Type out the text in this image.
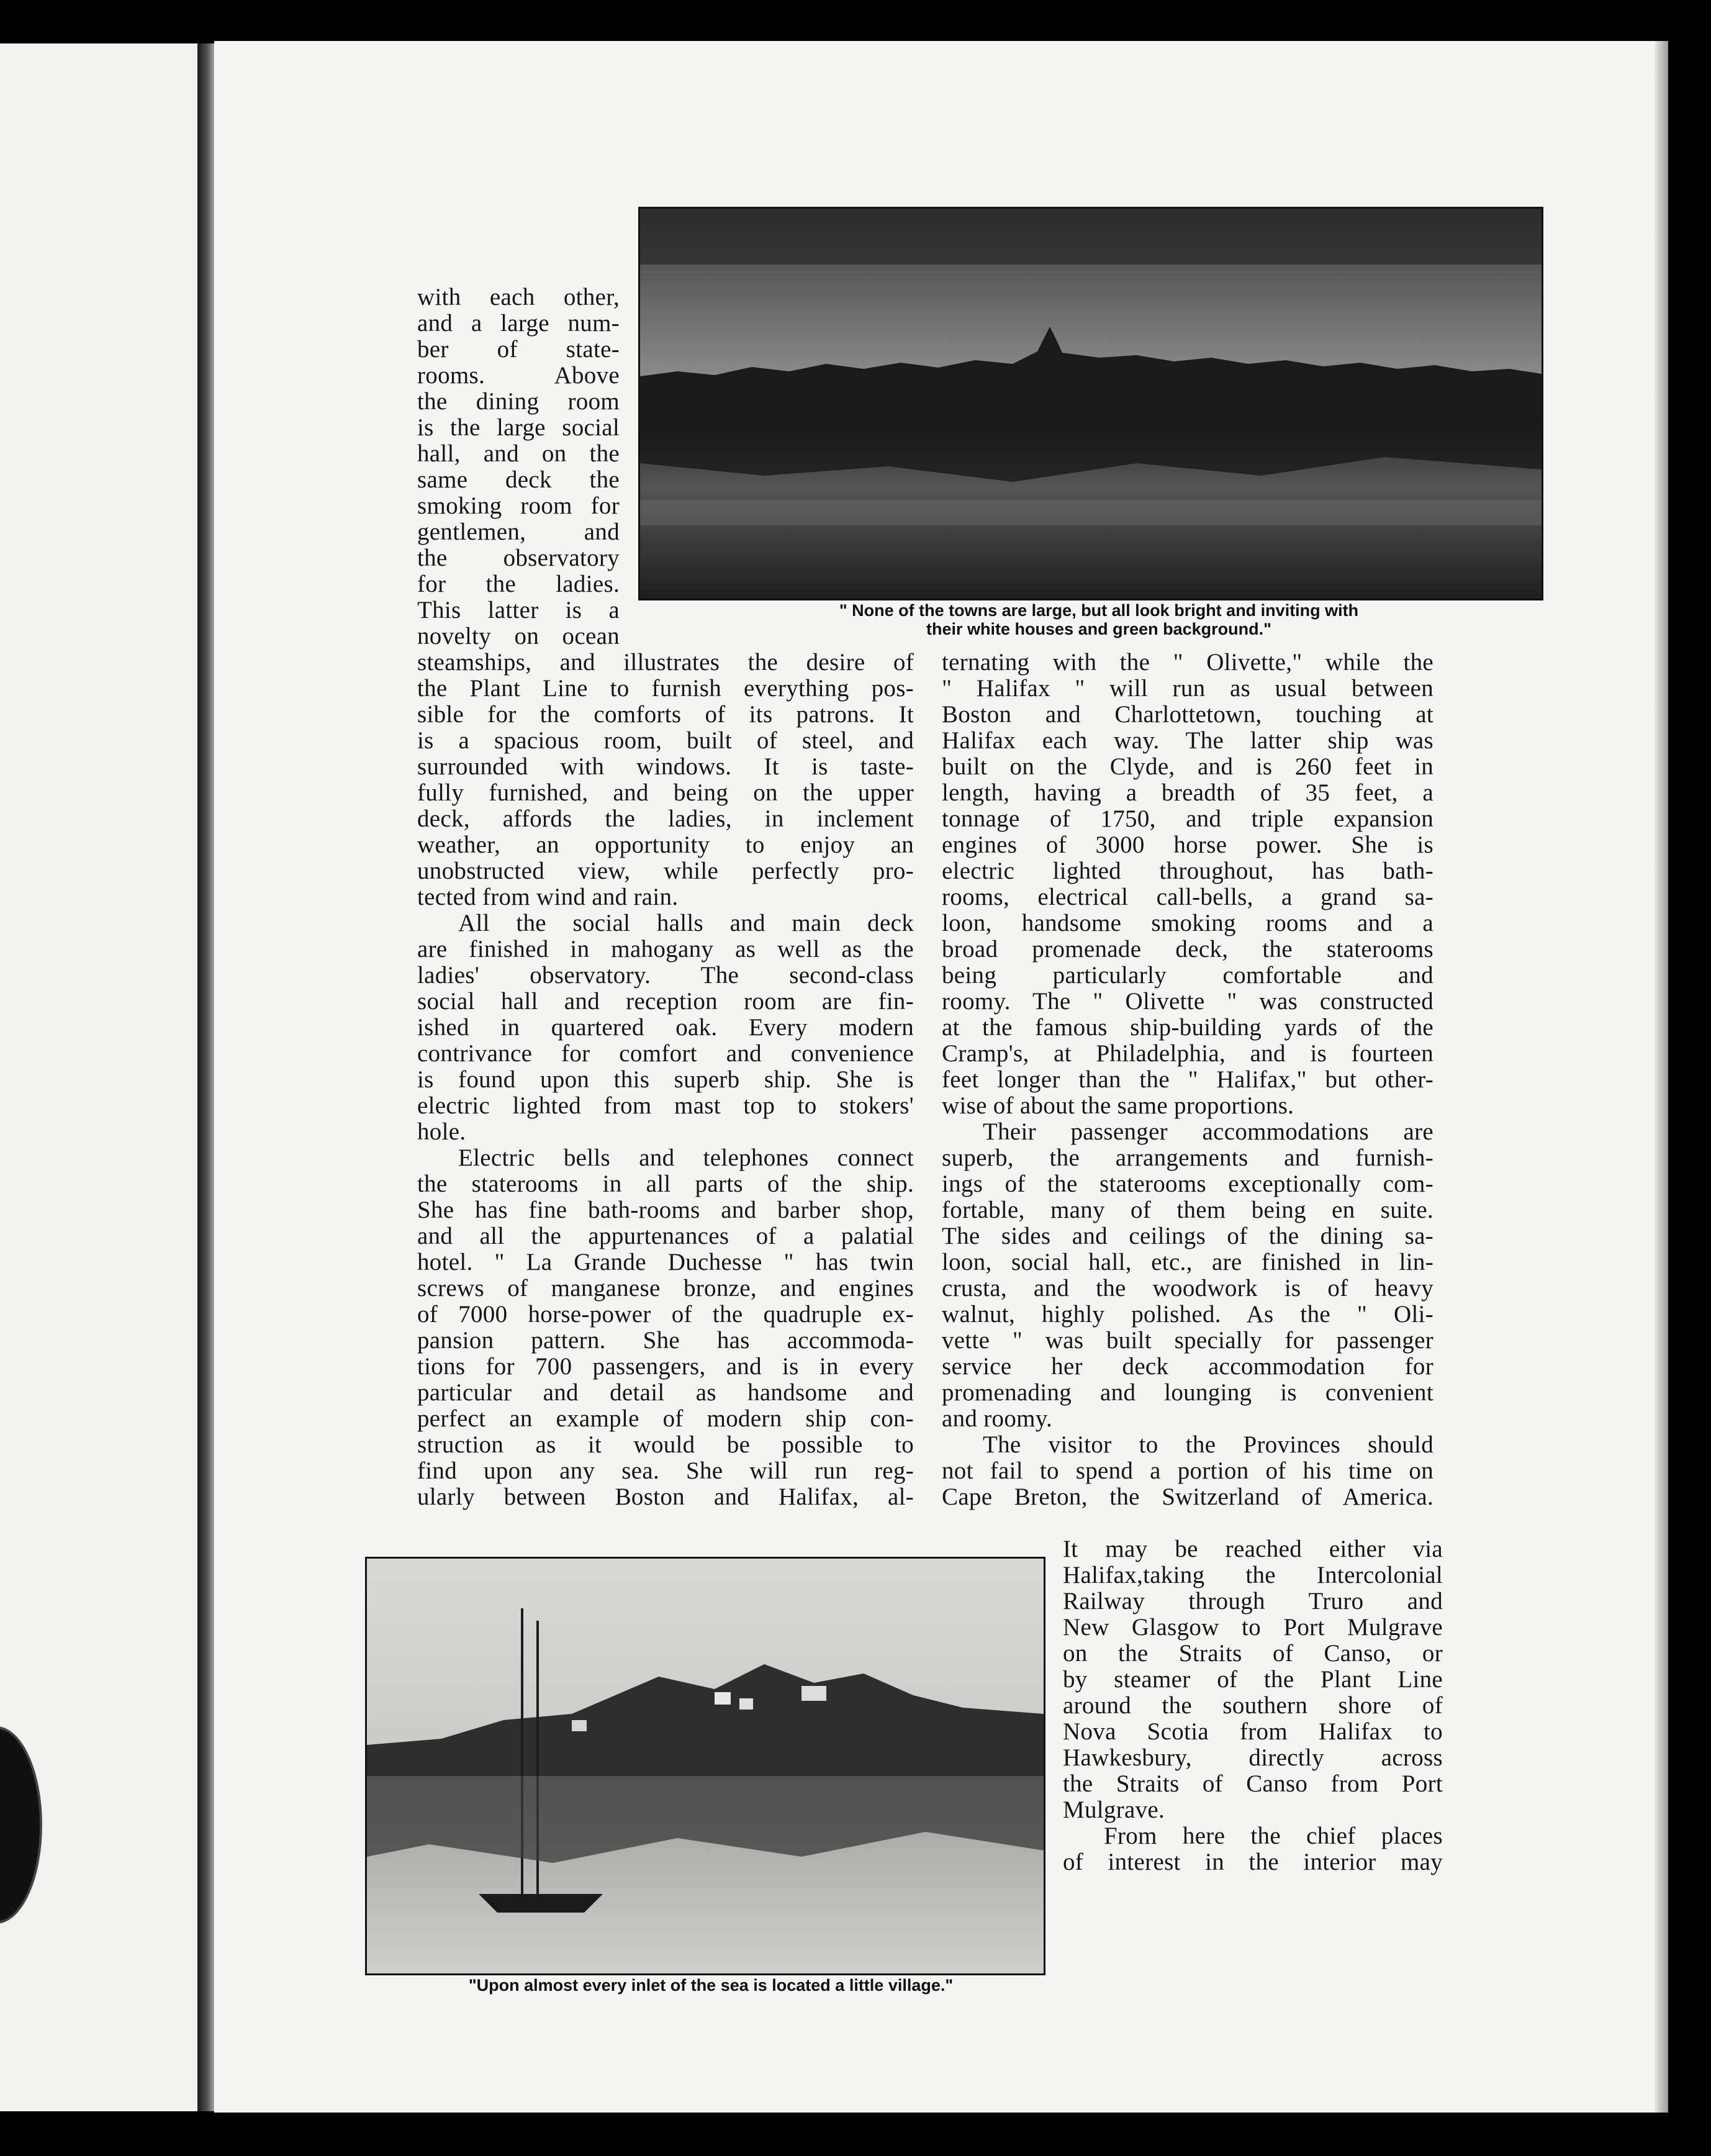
" None of the towns are large, but all look bright and inviting with
their white houses and green background."
with each other,
and a large num-
ber of state-
rooms. Above
the dining room
is the large social
hall, and on the
same deck the
smoking room for
gentlemen, and
the observatory
for the ladies.
This latter is a
novelty on ocean
steamships, and illustrates the desire of
the Plant Line to furnish everything pos-
sible for the comforts of its patrons. It
is a spacious room, built of steel, and
surrounded with windows. It is taste-
fully furnished, and being on the upper
deck, affords the ladies, in inclement
weather, an opportunity to enjoy an
unobstructed view, while perfectly pro-
tected from wind and rain.
All the social halls and main deck
are finished in mahogany as well as the
ladies' observatory. The second-class
social hall and reception room are fin-
ished in quartered oak. Every modern
contrivance for comfort and convenience
is found upon this superb ship. She is
electric lighted from mast top to stokers'
hole.
Electric bells and telephones connect
the staterooms in all parts of the ship.
She has fine bath-rooms and barber shop,
and all the appurtenances of a palatial
hotel. " La Grande Duchesse " has twin
screws of manganese bronze, and engines
of 7000 horse-power of the quadruple ex-
pansion pattern. She has accommoda-
tions for 700 passengers, and is in every
particular and detail as handsome and
perfect an example of modern ship con-
struction as it would be possible to
find upon any sea. She will run reg-
ularly between Boston and Halifax, al-
ternating with the " Olivette," while the
" Halifax " will run as usual between
Boston and Charlottetown, touching at
Halifax each way. The latter ship was
built on the Clyde, and is 260 feet in
length, having a breadth of 35 feet, a
tonnage of 1750, and triple expansion
engines of 3000 horse power. She is
electric lighted throughout, has bath-
rooms, electrical call-bells, a grand sa-
loon, handsome smoking rooms and a
broad promenade deck, the staterooms
being particularly comfortable and
roomy. The " Olivette " was constructed
at the famous ship-building yards of the
Cramp's, at Philadelphia, and is fourteen
feet longer than the " Halifax," but other-
wise of about the same proportions.
Their passenger accommodations are
superb, the arrangements and furnish-
ings of the staterooms exceptionally com-
fortable, many of them being en suite.
The sides and ceilings of the dining sa-
loon, social hall, etc., are finished in lin-
crusta, and the woodwork is of heavy
walnut, highly polished. As the " Oli-
vette " was built specially for passenger
service her deck accommodation for
promenading and lounging is convenient
and roomy.
The visitor to the Provinces should
not fail to spend a portion of his time on
Cape Breton, the Switzerland of America.
It may be reached either via
Halifax,taking the Intercolonial
Railway through Truro and
New Glasgow to Port Mulgrave
on the Straits of Canso, or
by steamer of the Plant Line
around the southern shore of
Nova Scotia from Halifax to
Hawkesbury, directly across
the Straits of Canso from Port
Mulgrave.
From here the chief places
of interest in the interior may
"Upon almost every inlet of the sea is located a little village."
